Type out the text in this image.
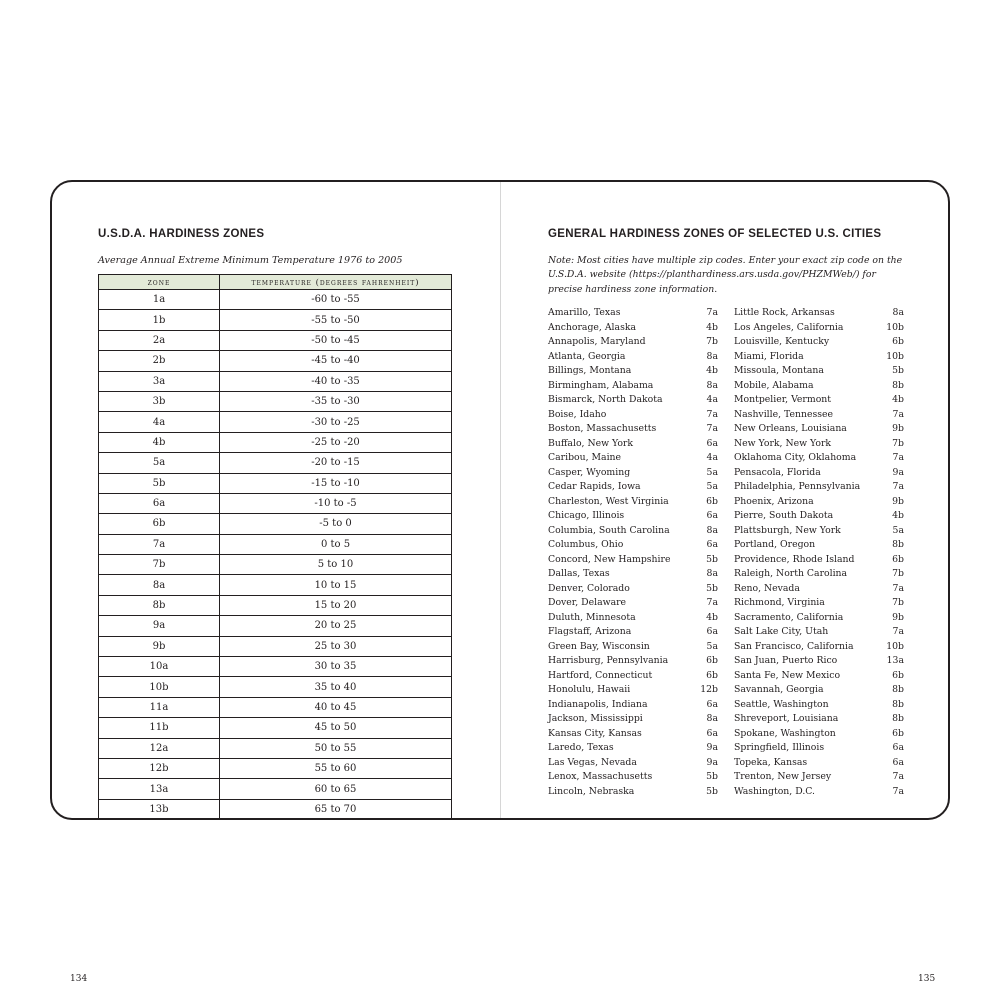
U.S.D.A. HARDINESS ZONES
Average Annual Extreme Minimum Temperature 1976 to 2005
zone	temperature (degrees fahrenheit)
1a	-60 to -55
1b	-55 to -50
2a	-50 to -45
2b	-45 to -40
3a	-40 to -35
3b	-35 to -30
4a	-30 to -25
4b	-25 to -20
5a	-20 to -15
5b	-15 to -10
6a	-10 to -5
6b	-5 to 0
7a	0 to 5
7b	5 to 10
8a	10 to 15
8b	15 to 20
9a	20 to 25
9b	25 to 30
10a	30 to 35
10b	35 to 40
11a	40 to 45
11b	45 to 50
12a	50 to 55
12b	55 to 60
13a	60 to 65
13b	65 to 70
134
GENERAL HARDINESS ZONES OF SELECTED U.S. CITIES
Note: Most cities have multiple zip codes. Enter your exact zip code on the U.S.D.A. website (https://planthardiness.ars.usda.gov/PHZMWeb/) for precise hardiness zone information.
Amarillo, Texas	7a
Anchorage, Alaska	4b
Annapolis, Maryland	7b
Atlanta, Georgia	8a
Billings, Montana	4b
Birmingham, Alabama	8a
Bismarck, North Dakota	4a
Boise, Idaho	7a
Boston, Massachusetts	7a
Buffalo, New York	6a
Caribou, Maine	4a
Casper, Wyoming	5a
Cedar Rapids, Iowa	5a
Charleston, West Virginia	6b
Chicago, Illinois	6a
Columbia, South Carolina	8a
Columbus, Ohio	6a
Concord, New Hampshire	5b
Dallas, Texas	8a
Denver, Colorado	5b
Dover, Delaware	7a
Duluth, Minnesota	4b
Flagstaff, Arizona	6a
Green Bay, Wisconsin	5a
Harrisburg, Pennsylvania	6b
Hartford, Connecticut	6b
Honolulu, Hawaii	12b
Indianapolis, Indiana	6a
Jackson, Mississippi	8a
Kansas City, Kansas	6a
Laredo, Texas	9a
Las Vegas, Nevada	9a
Lenox, Massachusetts	5b
Lincoln, Nebraska	5b
Little Rock, Arkansas	8a
Los Angeles, California	10b
Louisville, Kentucky	6b
Miami, Florida	10b
Missoula, Montana	5b
Mobile, Alabama	8b
Montpelier, Vermont	4b
Nashville, Tennessee	7a
New Orleans, Louisiana	9b
New York, New York	7b
Oklahoma City, Oklahoma	7a
Pensacola, Florida	9a
Philadelphia, Pennsylvania	7a
Phoenix, Arizona	9b
Pierre, South Dakota	4b
Plattsburgh, New York	5a
Portland, Oregon	8b
Providence, Rhode Island	6b
Raleigh, North Carolina	7b
Reno, Nevada	7a
Richmond, Virginia	7b
Sacramento, California	9b
Salt Lake City, Utah	7a
San Francisco, California	10b
San Juan, Puerto Rico	13a
Santa Fe, New Mexico	6b
Savannah, Georgia	8b
Seattle, Washington	8b
Shreveport, Louisiana	8b
Spokane, Washington	6b
Springfield, Illinois	6a
Topeka, Kansas	6a
Trenton, New Jersey	7a
Washington, D.C.	7a
135
